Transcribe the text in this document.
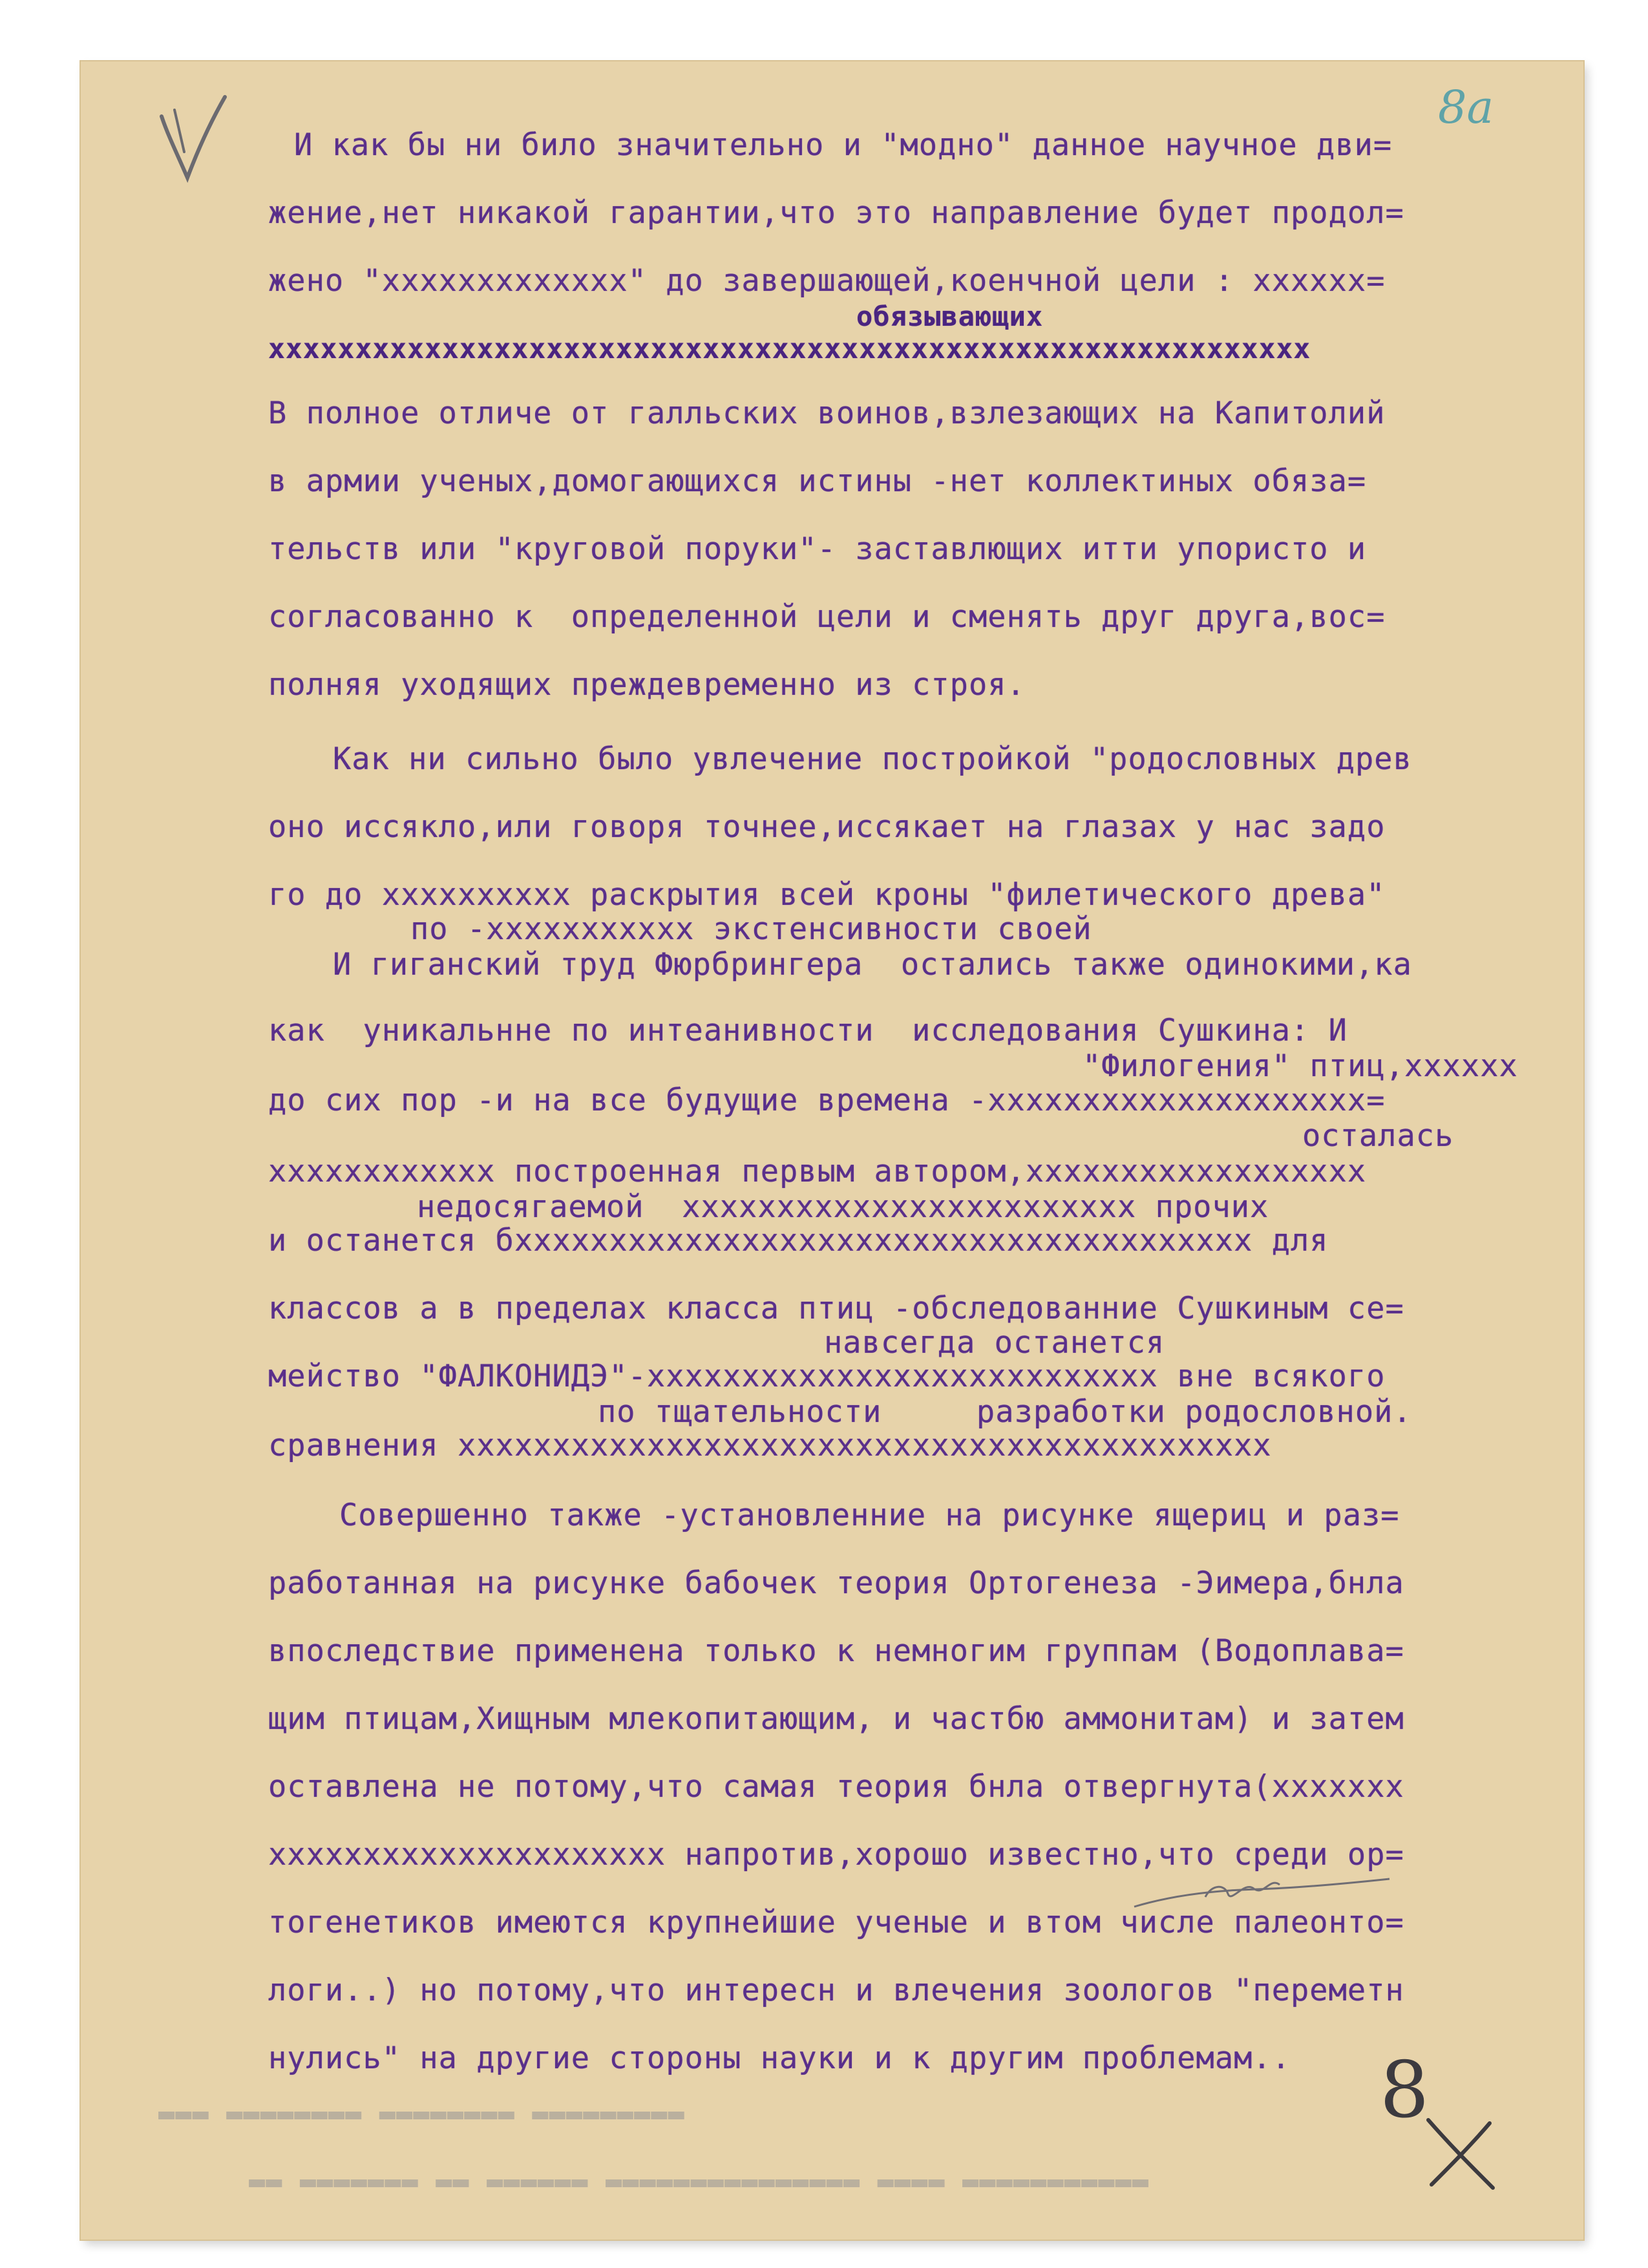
8а
И как бы ни било значительно и "модно" данное научное дви=
жение,нет никакой гарантии,что это направление будет продол=
жено "xxxxxxxxxxxxx" до завершающей,коенчной цели : xxxxxx=
обязывающих
xxxxxxxxxxxxxxxxxxxxxxxxxxxxxxxxxxxxxxxxxxxxxxxxxxxxxxxxxxxx
В полное отличе от галльских воинов,взлезающих на Капитолий
в армии ученых,домогающихся истины -нет коллектиных обяза=
тельств или "круговой поруки"- заставлющих итти упористо и
согласованно к  определенной цели и сменять друг друга,вос=
полняя уходящих преждевременно из строя.
Как ни сильно было увлечение постройкой "родословных древ
оно иссякло,или говоря точнее,иссякает на глазах у нас задо
го до xxxxxxxxxx раскрытия всей кроны "филетического древа"
по -xxxxxxxxxxx экстенсивности своей
И гиганский труд Фюрбрингера  остались также одинокими,ка
как  уникальнне по интеанивности  исследования Сушкина: И
"Филогения" птиц,xxxxxx
до сих пор -и на все будущие времена -xxxxxxxxxxxxxxxxxxxx=
осталась
xxxxxxxxxxxx построенная первым автором,xxxxxxxxxxxxxxxxxx
недосягаемой  xxxxxxxxxxxxxxxxxxxxxxxx прочих
и останется бxxxxxxxxxxxxxxxxxxxxxxxxxxxxxxxxxxxxxxx для
классов а в пределах класса птиц -обследованние Сушкиным се=
навсегда останется
мейство "ФАЛКОНИДЭ"-xxxxxxxxxxxxxxxxxxxxxxxxxxx вне всякого
по тщательности     разработки родословной.
сравнения xxxxxxxxxxxxxxxxxxxxxxxxxxxxxxxxxxxxxxxxxxx
Совершенно также -установленние на рисунке ящериц и раз=
работанная на рисунке бабочек теория Ортогенеза -Эимера,бнла
впоследствие применена только к немногим группам (Водоплава=
щим птицам,Хищным млекопитающим, и частбю аммонитам) и затем
оставлена не потому,что самая теория бнла отвергнута(xxxxxxx
xxxxxxxxxxxxxxxxxxxxx напротив,хорошо известно,что среди ор=
тогенетиков имеются крупнейшие ученые и втом числе палеонто=
логи..) но потому,что интересн и влечения зоологов "переметн
нулись" на другие стороны науки и к другим проблемам..
▬▬▬ ▬▬▬▬▬▬▬▬ ▬▬▬▬▬▬▬▬ ▬▬▬▬▬▬▬▬▬
▬▬ ▬▬▬▬▬▬▬ ▬▬ ▬▬▬▬▬▬ ▬▬▬▬▬▬▬▬▬▬▬▬▬▬▬ ▬▬▬▬ ▬▬▬▬▬▬▬▬▬▬▬
8
